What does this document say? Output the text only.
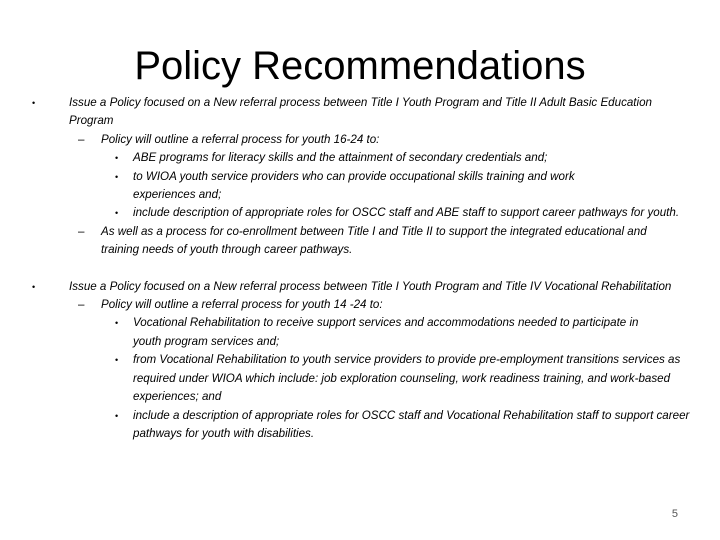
Policy Recommendations
•	Issue a Policy focused on a New referral process between Title I Youth Program and Title II Adult Basic Education Program
– Policy will outline a referral process for youth 16-24 to:
• ABE programs for literacy skills and the attainment of secondary credentials and;
• to WIOA youth service providers who can provide occupational skills training and work experiences and;
• include description of appropriate roles for OSCC staff and ABE staff to support career pathways for youth.
– As well as a process for co-enrollment between Title I and Title II to support the integrated educational and training needs of youth through career pathways.
•	Issue a Policy focused on a New referral process between Title I Youth Program and Title IV Vocational Rehabilitation
– Policy will outline a referral process for youth 14 -24 to:
• Vocational Rehabilitation to receive support services and accommodations needed to participate in youth program services and;
• from Vocational Rehabilitation to youth service providers to provide pre-employment transitions services as required under WIOA which include: job exploration counseling, work readiness training, and work-based experiences; and
• include a description of appropriate roles for OSCC staff and Vocational Rehabilitation staff to support career pathways for youth with disabilities.
5
